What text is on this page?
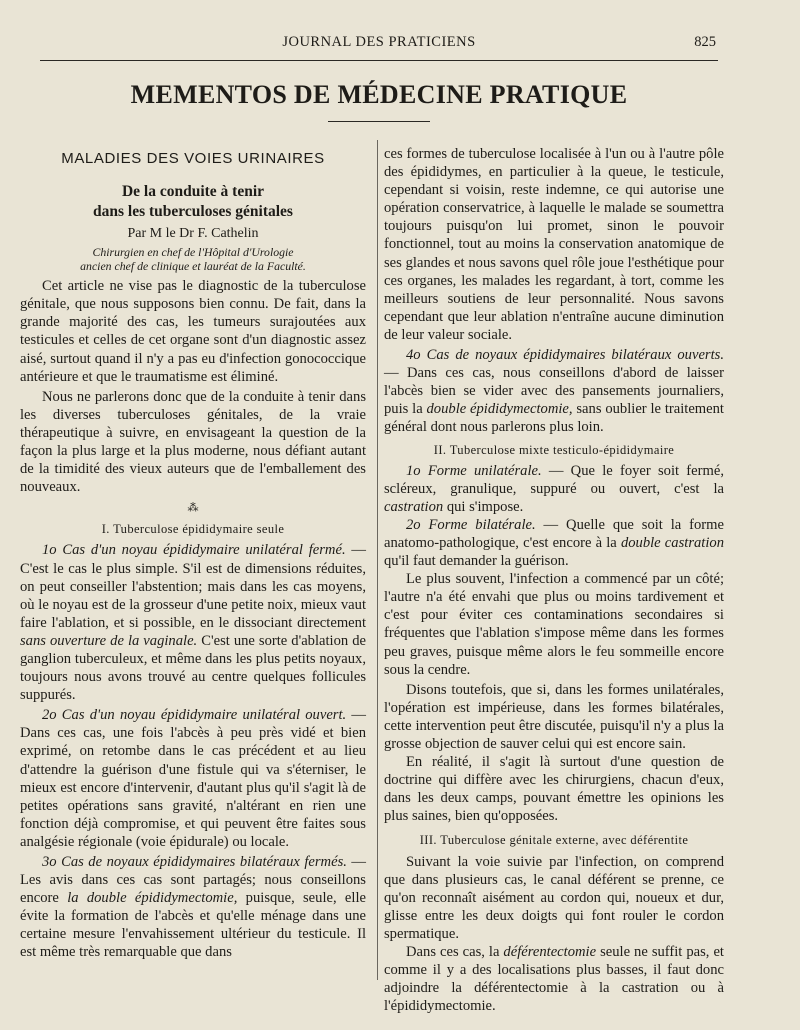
JOURNAL DES PRATICIENS	825
MEMENTOS DE MÉDECINE PRATIQUE
MALADIES DES VOIES URINAIRES
De la conduite à tenir
dans les tuberculoses génitales
Par M le Dr F. Cathelin
Chirurgien en chef de l'Hôpital d'Urologie
ancien chef de clinique et lauréat de la Faculté.

Cet article ne vise pas le diagnostic de la tuberculose génitale, que nous supposons bien connu. De fait, dans la grande majorité des cas, les tumeurs surajoutées aux testicules et celles de cet organe sont d'un diagnostic assez aisé, surtout quand il n'y a pas eu d'infection gonococcique antérieure et que le traumatisme est éliminé.

Nous ne parlerons donc que de la conduite à tenir dans les diverses tuberculoses génitales, de la vraie thérapeutique à suivre, en envisageant la question de la façon la plus large et la plus moderne, nous défiant autant de la timidité des vieux auteurs que de l'emballement des nouveaux.

⁂
I. Tuberculose épididymaire seule

1o Cas d'un noyau épididymaire unilatéral fermé. — C'est le cas le plus simple. S'il est de dimensions réduites, on peut conseiller l'abstention; mais dans les cas moyens, où le noyau est de la grosseur d'une petite noix, mieux vaut faire l'ablation, et si possible, en le dissociant directement sans ouverture de la vaginale. C'est une sorte d'ablation de ganglion tuberculeux, et même dans les plus petits noyaux, toujours nous avons trouvé au centre quelques follicules suppurés.

2o Cas d'un noyau épididymaire unilatéral ouvert. — Dans ces cas, une fois l'abcès à peu près vidé et bien exprimé, on retombe dans le cas précédent et au lieu d'attendre la guérison d'une fistule qui va s'éterniser, le mieux est encore d'intervenir, d'autant plus qu'il s'agit là de petites opérations sans gravité, n'altérant en rien une fonction déjà compromise, et qui peuvent être faites sous analgésie régionale (voie épidurale) ou locale.

3o Cas de noyaux épididymaires bilatéraux fermés. — Les avis dans ces cas sont partagés; nous conseillons encore la double épididymectomie, puisque, seule, elle évite la formation de l'abcès et qu'elle ménage dans une certaine mesure l'envahissement ultérieur du testicule. Il est même très remarquable que dans

ces formes de tuberculose localisée à l'un ou à l'autre pôle des épididymes, en particulier à la queue, le testicule, cependant si voisin, reste indemne, ce qui autorise une opération conservatrice, à laquelle le malade se soumettra toujours puisqu'on lui promet, sinon le pouvoir fonctionnel, tout au moins la conservation anatomique de ses glandes et nous savons quel rôle joue l'esthétique pour ces organes, les malades les regardant, à tort, comme les meilleurs soutiens de leur personnalité. Nous savons cependant que leur ablation n'entraîne aucune diminution de leur valeur sociale.

4o Cas de noyaux épididymaires bilatéraux ouverts. — Dans ces cas, nous conseillons d'abord de laisser l'abcès bien se vider avec des pansements journaliers, puis la double épididymectomie, sans oublier le traitement général dont nous parlerons plus loin.

II. Tuberculose mixte testiculo-épididymaire

1o Forme unilatérale. — Que le foyer soit fermé, scléreux, granulique, suppuré ou ouvert, c'est la castration qui s'impose.

2o Forme bilatérale. — Quelle que soit la forme anatomo-pathologique, c'est encore à la double castration qu'il faut demander la guérison.

Le plus souvent, l'infection a commencé par un côté; l'autre n'a été envahi que plus ou moins tardivement et c'est pour éviter ces contaminations secondaires si fréquentes que l'ablation s'impose même dans les formes peu graves, puisque même alors le feu sommeille encore sous la cendre.

Disons toutefois, que si, dans les formes unilatérales, l'opération est impérieuse, dans les formes bilatérales, cette intervention peut être discutée, puisqu'il n'y a plus la grosse objection de sauver celui qui est encore sain.

En réalité, il s'agit là surtout d'une question de doctrine qui diffère avec les chirurgiens, chacun d'eux, dans les deux camps, pouvant émettre les opinions les plus saines, bien qu'opposées.

III. Tuberculose génitale externe, avec déférentite

Suivant la voie suivie par l'infection, on comprend que dans plusieurs cas, le canal déférent se prenne, ce qu'on reconnaît aisément au cordon qui, noueux et dur, glisse entre les deux doigts qui font rouler le cordon spermatique.

Dans ces cas, la déférentectomie seule ne suffit pas, et comme il y a des localisations plus basses, il faut donc adjoindre la déférentectomie à la castration ou à l'épididymectomie.
